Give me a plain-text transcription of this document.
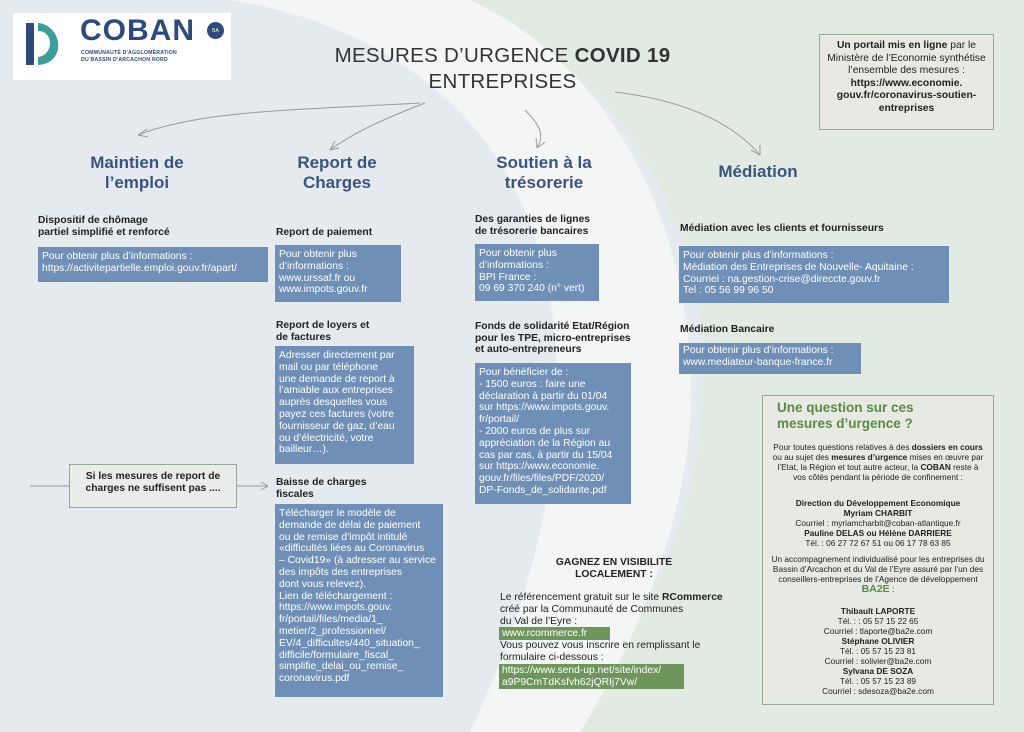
COBAN	BA
COMMUNAUTÉ D'AGGLOMÉRATION
DU BASSIN D'ARCACHON NORD	MESURES D’URGENCE COVID 19
ENTREPRISES
Un portail mis en ligne par le Ministère de l’Economie synthétise l’ensemble des mesures :
https://www.economie.
gouv.fr/coronavirus-soutien-
entreprises
Maintien de
l’emploi
Report de
Charges
Soutien à la
trésorerie
Médiation
Dispositif de chômage
partiel simplifié et renforcé
Pour obtenir plus d’informations :
https://activitepartielle.emploi.gouv.fr/apart/
Report de paiement
Pour obtenir plus
d’informations :
www.urssaf.fr ou
www.impots.gouv.fr
Report de loyers et
de factures
Adresser directement par
mail ou par téléphone
une demande de report à
l’amiable aux entreprises
auprès desquelles vous
payez ces factures (votre
fournisseur de gaz, d’eau
ou d’électricité, votre
bailleur…).
Baisse de charges
fiscales
Télécharger le modèle de
demande de délai de paiement
ou de remise d’impôt intitulé
«difficultés liées au Coronavirus
– Covid19» (à adresser au service
des impôts des entreprises
dont vous relevez).
Lien de téléchargement :
https://www.impots.gouv.
fr/portail/files/media/1_
metier/2_professionnel/
EV/4_difficultes/440_situation_
difficile/formulaire_fiscal_
simplifie_delai_ou_remise_
coronavirus.pdf
Si les mesures de report de
charges ne suffisent pas ....
Des garanties de lignes
de trésorerie bancaires
Pour obtenir plus
d’informations :
BPI France :
09 69 370 240 (n° vert)
Fonds de solidarité Etat/Région
pour les TPE, micro-entreprises
et auto-entrepreneurs
Pour bénéficier de :
- 1500 euros : faire une
déclaration à partir du 01/04
sur https://www.impots.gouv.
fr/portail/
- 2000 euros de plus sur
appréciation de la Région au
cas par cas, à partir du 15/04
sur https://www.economie.
gouv.fr/files/files/PDF/2020/
DP-Fonds_de_solidarite.pdf
Médiation avec les clients et fournisseurs
Pour obtenir plus d’informations :
Médiation des Entreprises de Nouvelle- Aquitaine :
Courriel : na.gestion-crise@direccte.gouv.fr
Tel : 05 56 99 96 50
Médiation Bancaire
Pour obtenir plus d’informations :
www.mediateur-banque-france.fr
GAGNEZ EN VISIBILITE
LOCALEMENT :
Le référencement gratuit sur le site RCommerce
créé par la Communauté de Communes
du Val de l’Eyre :
www.rcommerce.fr
Vous pouvez vous inscrire en remplissant le
formulaire ci-dessous :
https://www.send-up.net/site/index/
a9P9CmTdKsfvh62jQRIj7Vw/
Une question sur ces
mesures d’urgence ?
Pour toutes questions relatives à des dossiers en cours ou au sujet des mesures d’urgence mises en œuvre par l’Etat, la Région et tout autre acteur, la COBAN reste à vos côtés pendant la période de confinement :
Direction du Développement Economique
Myriam CHARBIT
Courriel : myriamcharbit@coban-atlantique.fr
Pauline DELAS ou Hélène DARRIERE
Tél. : 06 27 72 67 51 ou 06 17 78 63 85
Un accompagnement individualisé pour les entreprises du Bassin d’Arcachon et du Val de l’Eyre assuré par l’un des conseillers-entreprises de l’Agence de développement BA2E :
Thibault LAPORTE
Tél. : : 05 57 15 22 65
Courriel : tlaporte@ba2e.com
Stéphane OLIVIER
Tél. : 05 57 15 23 81
Courriel : solivier@ba2e.com
Sylvana DE SOZA
Tél. : 05 57 15 23 89
Courriel : sdesoza@ba2e.com
